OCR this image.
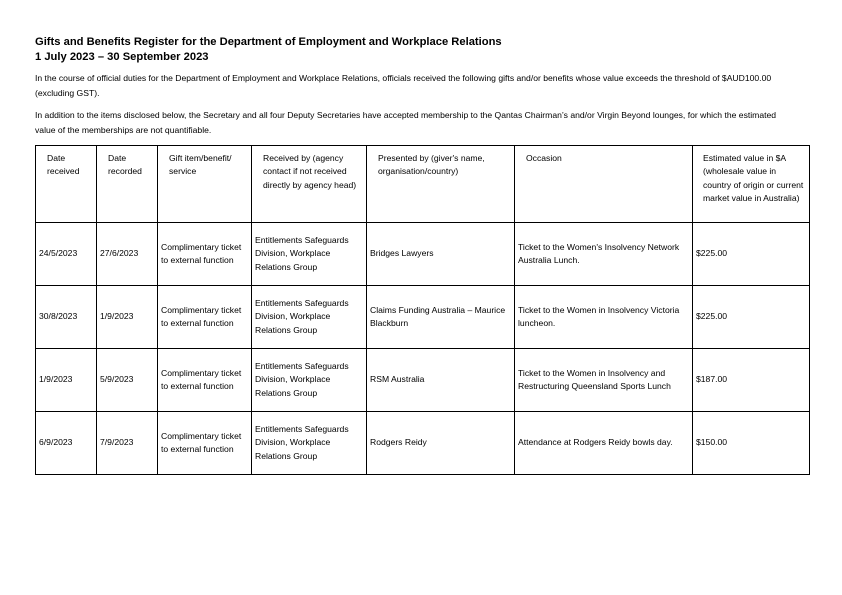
Gifts and Benefits Register for the Department of Employment and Workplace Relations
1 July 2023 – 30 September 2023
In the course of official duties for the Department of Employment and Workplace Relations, officials received the following gifts and/or benefits whose value exceeds the threshold of $AUD100.00 (excluding GST).
In addition to the items disclosed below, the Secretary and all four Deputy Secretaries have accepted membership to the Qantas Chairman’s and/or Virgin Beyond lounges, for which the estimated value of the memberships are not quantifiable.
Date received	Date recorded	Gift item/benefit/ service	Received by (agency contact if not received directly by agency head)	Presented by (giver's name, organisation/country)	Occasion	Estimated value in $A (wholesale value in country of origin or current market value in Australia)

24/5/2023	27/6/2023	Complimentary ticket to external function	Entitlements Safeguards Division, Workplace Relations Group	Bridges Lawyers	Ticket to the Women's Insolvency Network Australia Lunch.	$225.00

30/8/2023	1/9/2023	Complimentary ticket to external function	Entitlements Safeguards Division, Workplace Relations Group	Claims Funding Australia – Maurice Blackburn	Ticket to the Women in Insolvency Victoria luncheon.	$225.00

1/9/2023	5/9/2023	Complimentary ticket to external function	Entitlements Safeguards Division, Workplace Relations Group	RSM Australia	Ticket to the Women in Insolvency and Restructuring Queensland Sports Lunch	$187.00

6/9/2023	7/9/2023	Complimentary ticket to external function	Entitlements Safeguards Division, Workplace Relations Group	Rodgers Reidy	Attendance at Rodgers Reidy bowls day.	$150.00
